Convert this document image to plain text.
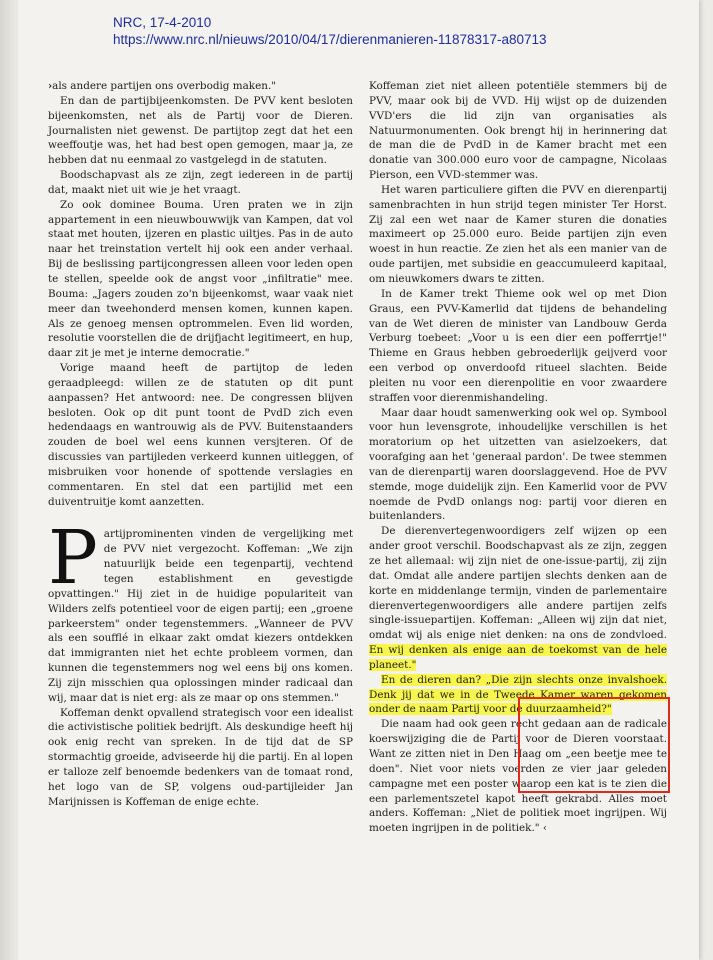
NRC, 17-4-2010
https://www.nrc.nl/nieuws/2010/04/17/dierenmanieren-11878317-a80713

› als andere partijen ons overbodig maken."

En dan de partijbijeenkomsten. De PVV kent besloten bijeenkomsten, net als de Partij voor de Dieren. Journalisten niet gewenst. De partijtop zegt dat het een weeffoutje was, het had best open gemogen, maar ja, ze hebben dat nu eenmaal zo vastgelegd in de statuten.

Boodschapvast als ze zijn, zegt iedereen in de partij dat, maakt niet uit wie je het vraagt.

Zo ook dominee Bouma. Uren praten we in zijn appartement in een nieuwbouwwijk van Kampen, dat vol staat met houten, ijzeren en plastic uiltjes. Pas in de auto naar het treinstation vertelt hij ook een ander verhaal. Bij de beslissing partijcongressen alleen voor leden open te stellen, speelde ook de angst voor „infiltratie" mee. Bouma: „Jagers zouden zo'n bijeenkomst, waar vaak niet meer dan tweehonderd mensen komen, kunnen kapen. Als ze genoeg mensen optrommelen. Even lid worden, resolutie voorstellen die de drijfjacht legitimeert, en hup, daar zit je met je interne democratie."

Vorige maand heeft de partijtop de leden geraadpleegd: willen ze de statuten op dit punt aanpassen? Het antwoord: nee. De congressen blijven besloten. Ook op dit punt toont de PvdD zich even hedendaags en wantrouwig als de PVV. Buitenstaanders zouden de boel wel eens kunnen versjteren. Of de discussies van partijleden verkeerd kunnen uitleggen, of misbruiken voor honende of spottende verslagies en commentaren. En stel dat een partijlid met een duiventruitje komt aanzetten.

Partijprominenten vinden de vergelijking met de PVV niet vergezocht. Koffeman: „We zijn natuurlijk beide een tegenpartij, vechtend tegen establishment en gevestigde opvattingen." Hij ziet in de huidige populariteit van Wilders zelfs potentieel voor de eigen partij; een „groene parkeerstem" onder tegenstemmers. „Wanneer de PVV als een soufflé in elkaar zakt omdat kiezers ontdekken dat immigranten niet het echte probleem vormen, dan kunnen die tegenstemmers nog wel eens bij ons komen. Zij zijn misschien qua oplossingen minder radicaal dan wij, maar dat is niet erg: als ze maar op ons stemmen."

Koffeman denkt opvallend strategisch voor een idealist die activistische politiek bedrijft. Als deskundige heeft hij ook enig recht van spreken. In de tijd dat de SP stormachtig groeide, adviseerde hij die partij. En al lopen er talloze zelf benoemde bedenkers van de tomaat rond, het logo van de SP, volgens oud-partijleider Jan Marijnissen is Koffeman de enige echte.

Koffeman ziet niet alleen potentiële stemmers bij de PVV, maar ook bij de VVD. Hij wijst op de duizenden VVD'ers die lid zijn van organisaties als Natuurmonumenten. Ook brengt hij in herinnering dat de man die de PvdD in de Kamer bracht met een donatie van 300.000 euro voor de campagne, Nicolaas Pierson, een VVD-stemmer was.

Het waren particuliere giften die PVV en dierenpartij samenbrachten in hun strijd tegen minister Ter Horst. Zij zal een wet naar de Kamer sturen die donaties maximeert op 25.000 euro. Beide partijen zijn even woest in hun reactie. Ze zien het als een manier van de oude partijen, met subsidie en geaccumuleerd kapitaal, om nieuwkomers dwars te zitten.

In de Kamer trekt Thieme ook wel op met Dion Graus, een PVV-Kamerlid dat tijdens de behandeling van de Wet dieren de minister van Landbouw Gerda Verburg toebeet: „Voor u is een dier een pofferrtje!" Thieme en Graus hebben gebroederlijk geijverd voor een verbod op onverdoofd ritueel slachten. Beide pleiten nu voor een dierenpolitie en voor zwaardere straffen voor dierenmishandeling.

Maar daar houdt samenwerking ook wel op. Symbool voor hun levensgrote, inhoudelijke verschillen is het moratorium op het uitzetten van asielzoekers, dat voorafging aan het 'generaal pardon'. De twee stemmen van de dierenpartij waren doorslaggevend. Hoe de PVV stemde, moge duidelijk zijn. Een Kamerlid voor de PVV noemde de PvdD onlangs nog: partij voor dieren en buitenlanders.

De dierenvertegenwoordigers zelf wijzen op een ander groot verschil. Boodschapvast als ze zijn, zeggen ze het allemaal: wij zijn niet de one-issue-partij, zij zijn dat. Omdat alle andere partijen slechts denken aan de korte en middenlange termijn, vinden de parlementaire dierenvertegenwoordigers alle andere partijen zelfs single-issuepartijen. Koffeman: „Alleen wij zijn dat niet, omdat wij als enige niet denken: na ons de zondvloed. En wij denken als enige aan de toekomst van de hele planeet."

En de dieren dan? „Die zijn slechts onze invalshoek. Denk jij dat we in de Tweede Kamer waren gekomen onder de naam Partij voor de duurzaamheid?"

Die naam had ook geen recht gedaan aan de radicale koerswijziging die de Partij voor de Dieren voorstaat. Want ze zitten niet in Den Haag om „een beetje mee te doen". Niet voor niets voerden ze vier jaar geleden campagne met een poster waarop een kat is te zien die een parlementszetel kapot heeft gekrabd. Alles moet anders. Koffeman: „Niet de politiek moet ingrijpen. Wij moeten ingrijpen in de politiek." ‹
